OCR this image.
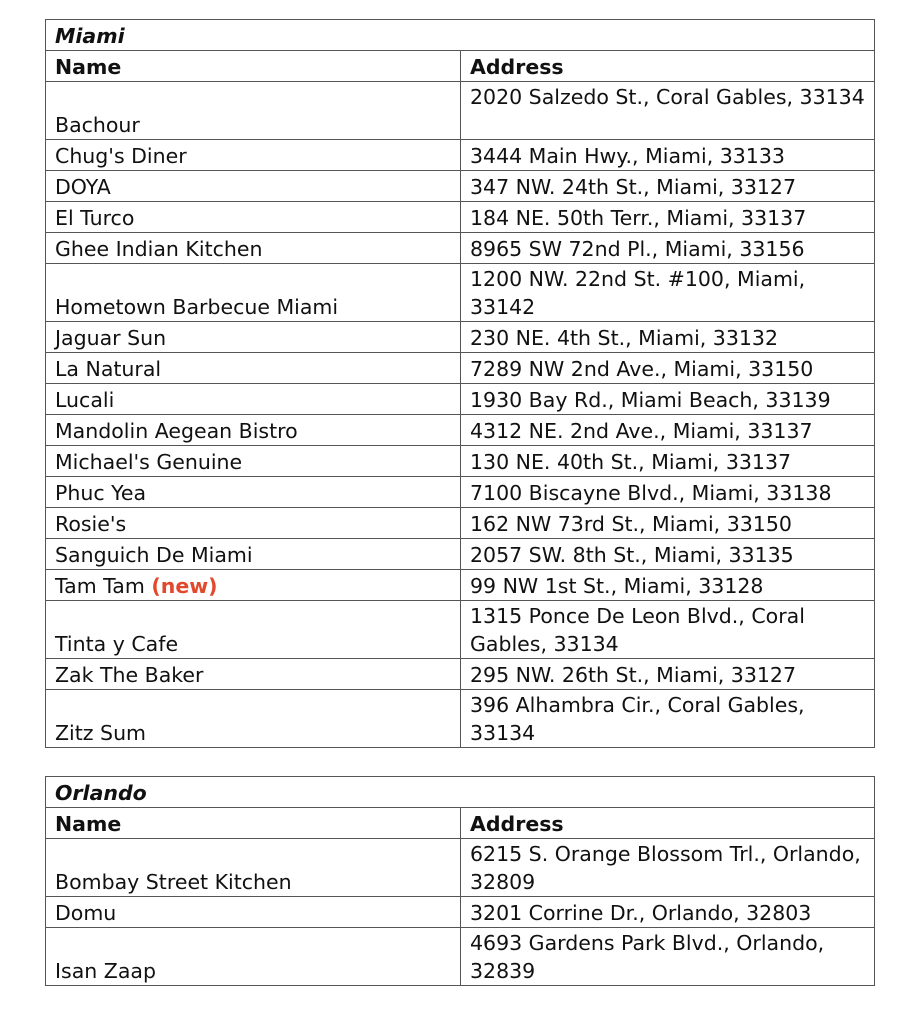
Miami	
Name	Address
Bachour	2020 Salzedo St., Coral Gables, 33134
Chug's Diner	3444 Main Hwy., Miami, 33133
DOYA	347 NW. 24th St., Miami, 33127
El Turco	184 NE. 50th Terr., Miami, 33137
Ghee Indian Kitchen	8965 SW 72nd Pl., Miami, 33156
Hometown Barbecue Miami	1200 NW. 22nd St. #100, Miami, 33142
Jaguar Sun	230 NE. 4th St., Miami, 33132
La Natural	7289 NW 2nd Ave., Miami, 33150
Lucali	1930 Bay Rd., Miami Beach, 33139
Mandolin Aegean Bistro	4312 NE. 2nd Ave., Miami, 33137
Michael's Genuine	130 NE. 40th St., Miami, 33137
Phuc Yea	7100 Biscayne Blvd., Miami, 33138
Rosie's	162 NW 73rd St., Miami, 33150
Sanguich De Miami	2057 SW. 8th St., Miami, 33135
Tam Tam (new)	99 NW 1st St., Miami, 33128
Tinta y Cafe	1315 Ponce De Leon Blvd., Coral Gables, 33134
Zak The Baker	295 NW. 26th St., Miami, 33127
Zitz Sum	396 Alhambra Cir., Coral Gables, 33134
Orlando	
Name	Address
Bombay Street Kitchen	6215 S. Orange Blossom Trl., Orlando, 32809
Domu	3201 Corrine Dr., Orlando, 32803
Isan Zaap	4693 Gardens Park Blvd., Orlando, 32839
